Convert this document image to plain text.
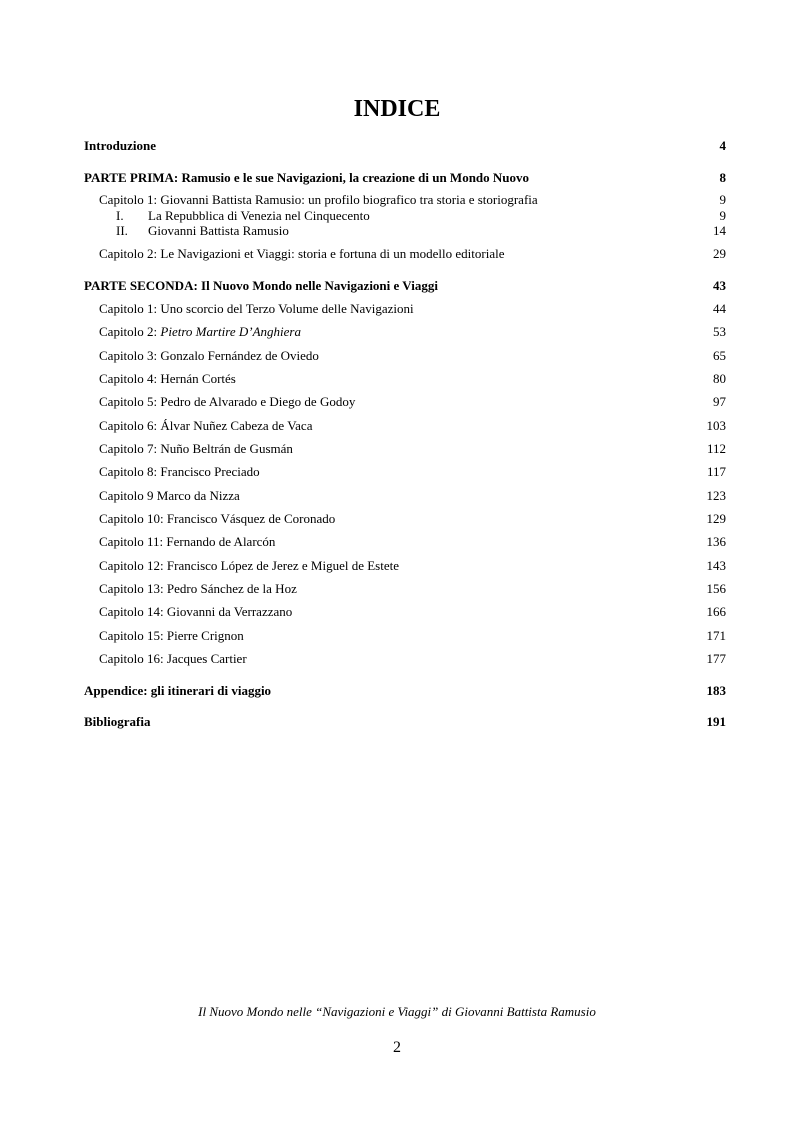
INDICE
Introduzione	4
PARTE PRIMA: Ramusio e le sue Navigazioni, la creazione di un Mondo Nuovo	8
Capitolo 1: Giovanni Battista Ramusio: un profilo biografico tra storia e storiografia	9
I. La Repubblica di Venezia nel Cinquecento	9
II. Giovanni Battista Ramusio	14
Capitolo 2: Le Navigazioni et Viaggi: storia e fortuna di un modello editoriale	29
PARTE SECONDA: Il Nuovo Mondo nelle Navigazioni e Viaggi	43
Capitolo 1: Uno scorcio del Terzo Volume delle Navigazioni	44
Capitolo 2: Pietro Martire D’Anghiera	53
Capitolo 3: Gonzalo Fernández de Oviedo	65
Capitolo 4: Hernán Cortés	80
Capitolo 5: Pedro de Alvarado e Diego de Godoy	97
Capitolo 6: Álvar Nuñez Cabeza de Vaca	103
Capitolo 7: Nuño Beltrán de Gusmán	112
Capitolo 8: Francisco Preciado	117
Capitolo 9 Marco da Nizza	123
Capitolo 10: Francisco Vásquez de Coronado	129
Capitolo 11: Fernando de Alarcón	136
Capitolo 12: Francisco López de Jerez e Miguel de Estete	143
Capitolo 13: Pedro Sánchez de la Hoz	156
Capitolo 14: Giovanni da Verrazzano	166
Capitolo 15: Pierre Crignon	171
Capitolo 16: Jacques Cartier	177
Appendice: gli itinerari di viaggio	183
Bibliografia	191
Il Nuovo Mondo nelle “Navigazioni e Viaggi” di Giovanni Battista Ramusio
2
